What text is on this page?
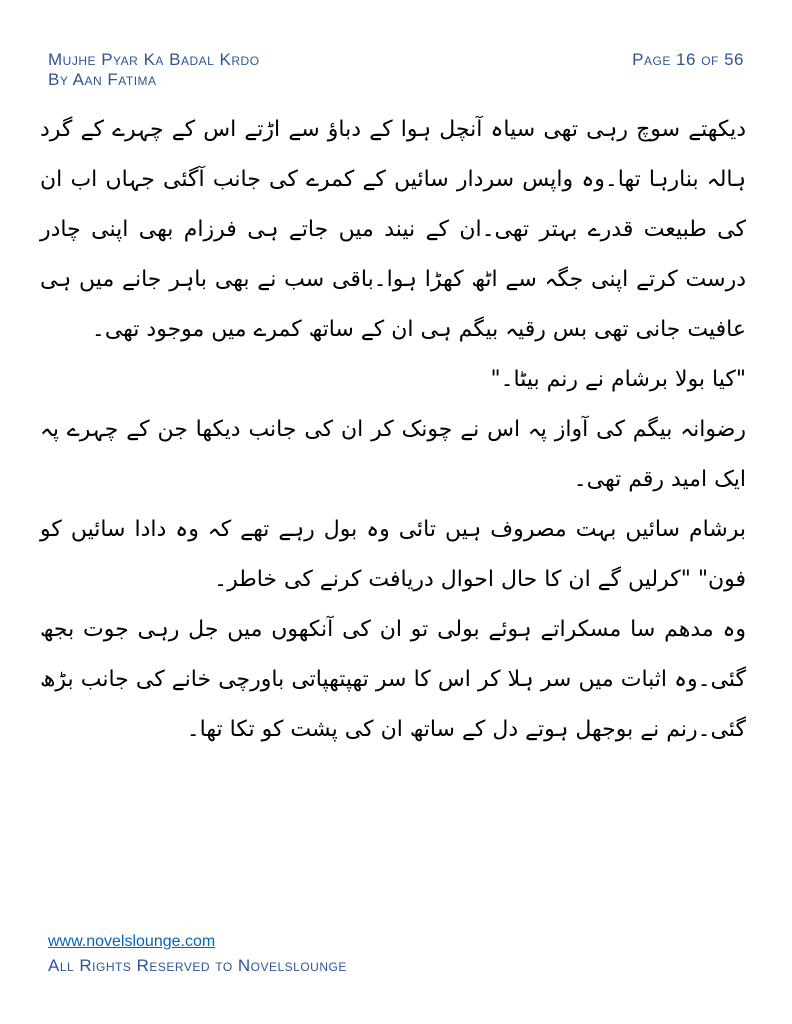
Mujhe Pyar Ka Badal Krdo
By Aan Fatima
Page 16 of 56

دیکھتے سوچ رہی تھی سیاہ آنچل ہوا کے دباؤ سے اڑتے اس کے چہرے کے گرد ہالہ بنارہا تھا۔وہ واپس سردار سائیں کے کمرے کی جانب آگئی جہاں اب ان کی طبیعت قدرے بہتر تھی۔ان کے نیند میں جاتے ہی فرزام بھی اپنی چادر درست کرتے اپنی جگہ سے اٹھ کھڑا ہوا۔باقی سب نے بھی باہر جانے میں ہی عافیت جانی تھی بس رقیہ بیگم ہی ان کے ساتھ کمرے میں موجود تھی۔

"کیا بولا برشام نے رنم بیٹا۔"

رضوانہ بیگم کی آواز پہ اس نے چونک کر ان کی جانب دیکھا جن کے چہرے پہ ایک امید رقم تھی۔

برشام سائیں بہت مصروف ہیں تائی وہ بول رہے تھے کہ وہ دادا سائیں کو فون" "کرلیں گے ان کا حال احوال دریافت کرنے کی خاطر۔

وہ مدھم سا مسکراتے ہوئے بولی تو ان کی آنکھوں میں جل رہی جوت بجھ گئی۔وہ اثبات میں سر ہلا کر اس کا سر تھپتھپاتی باورچی خانے کی جانب بڑھ گئی۔رنم نے بوجھل ہوتے دل کے ساتھ ان کی پشت کو تکا تھا۔

www.novelslounge.com
All Rights Reserved to Novelslounge
